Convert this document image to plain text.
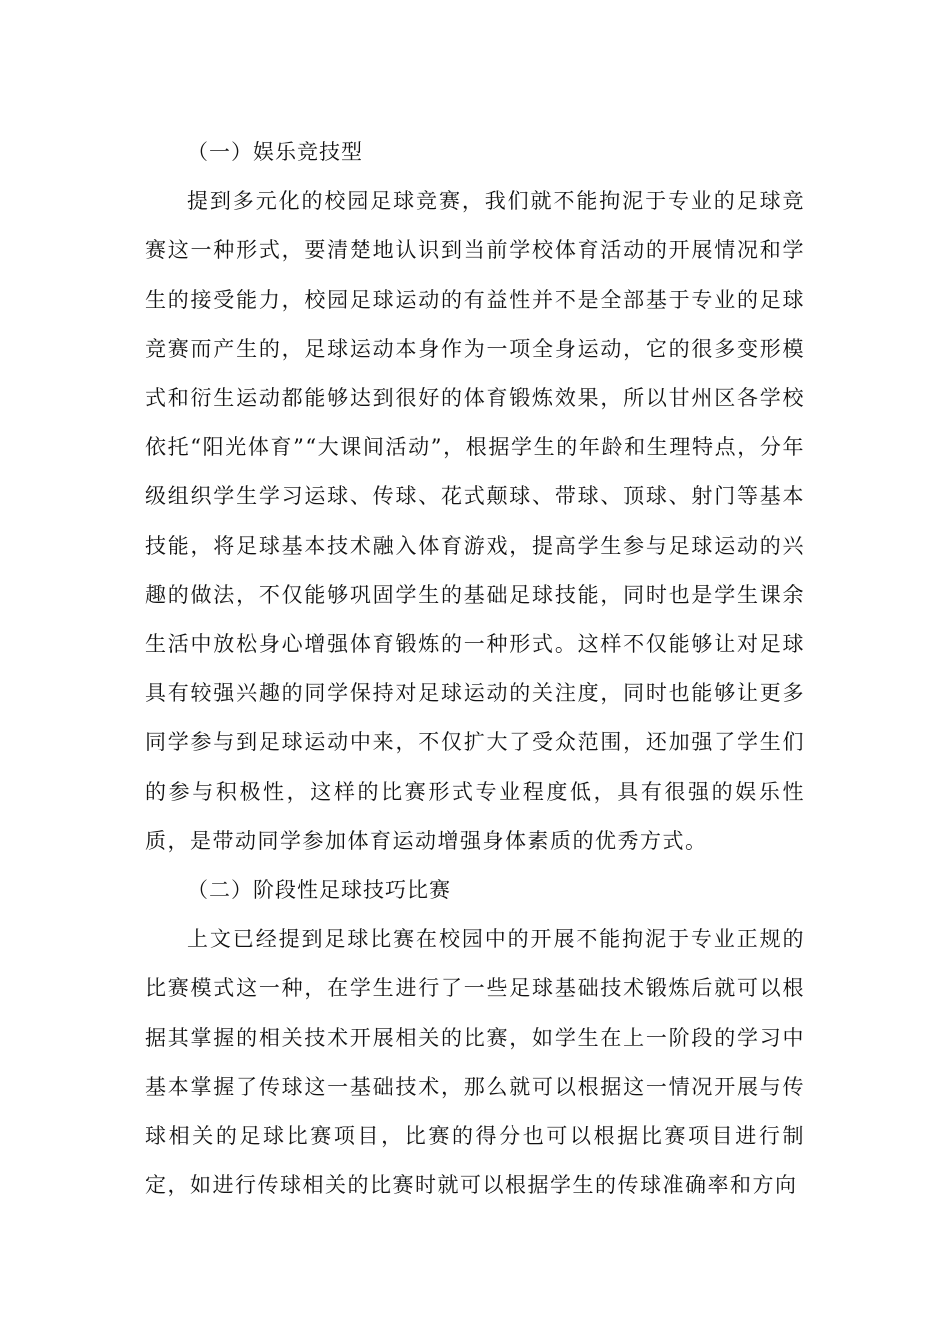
（一）娱乐竞技型

提到多元化的校园足球竞赛，我们就不能拘泥于专业的足球竞赛这一种形式，要清楚地认识到当前学校体育活动的开展情况和学生的接受能力，校园足球运动的有益性并不是全部基于专业的足球竞赛而产生的，足球运动本身作为一项全身运动，它的很多变形模式和衍生运动都能够达到很好的体育锻炼效果，所以甘州区各学校依托“阳光体育”“大课间活动”，根据学生的年龄和生理特点，分年级组织学生学习运球、传球、花式颠球、带球、顶球、射门等基本技能，将足球基本技术融入体育游戏，提高学生参与足球运动的兴趣的做法，不仅能够巩固学生的基础足球技能，同时也是学生课余生活中放松身心增强体育锻炼的一种形式。这样不仅能够让对足球具有较强兴趣的同学保持对足球运动的关注度，同时也能够让更多同学参与到足球运动中来，不仅扩大了受众范围，还加强了学生们的参与积极性，这样的比赛形式专业程度低，具有很强的娱乐性质，是带动同学参加体育运动增强身体素质的优秀方式。

（二）阶段性足球技巧比赛

上文已经提到足球比赛在校园中的开展不能拘泥于专业正规的比赛模式这一种，在学生进行了一些足球基础技术锻炼后就可以根据其掌握的相关技术开展相关的比赛，如学生在上一阶段的学习中基本掌握了传球这一基础技术，那么就可以根据这一情况开展与传球相关的足球比赛项目，比赛的得分也可以根据比赛项目进行制定，如进行传球相关的比赛时就可以根据学生的传球准确率和方向
